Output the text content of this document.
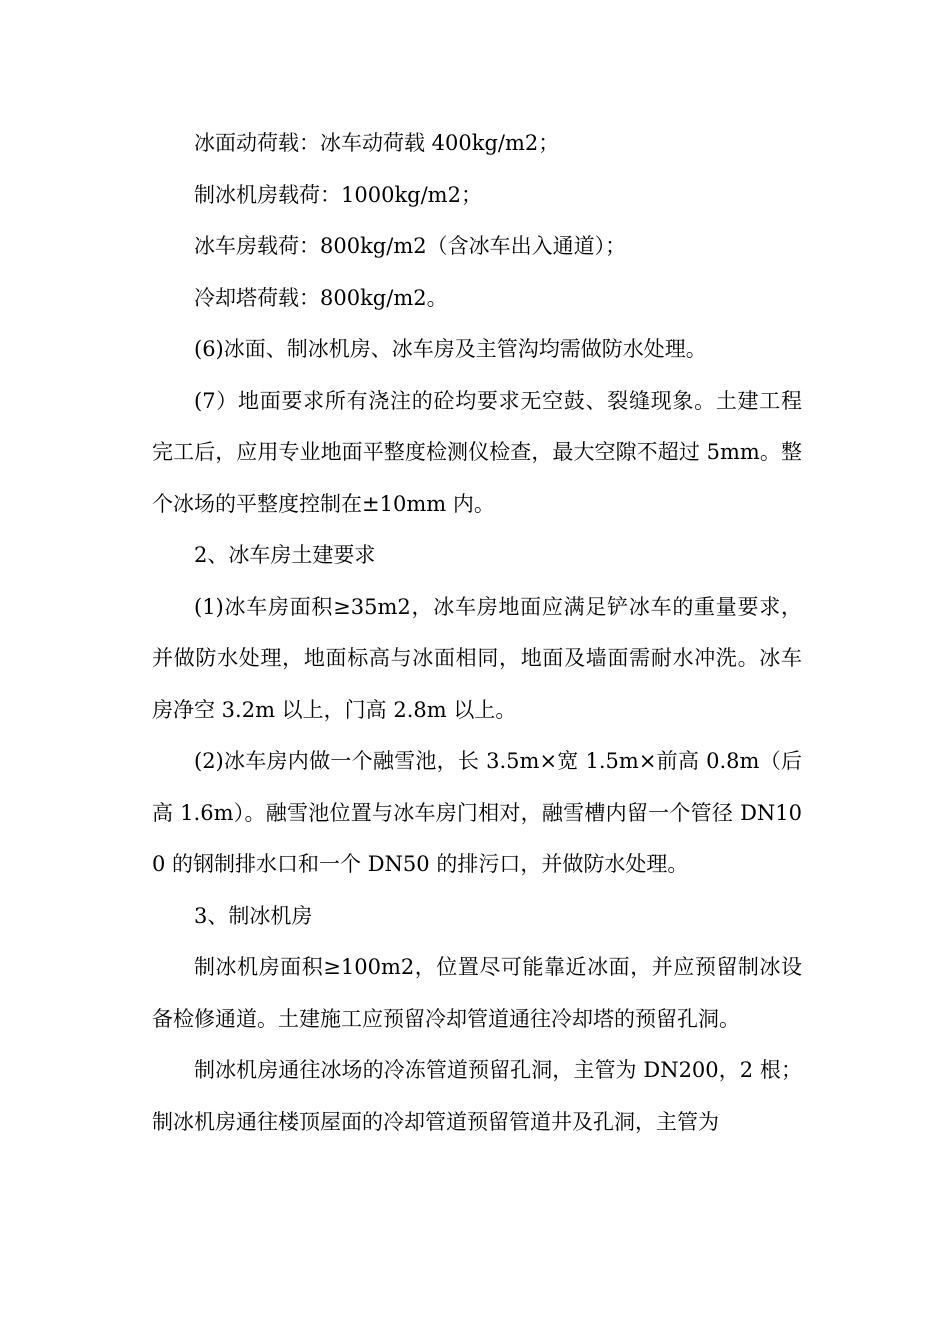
冰面动荷载：冰车动荷载 400kg/m2；

制冰机房载荷：1000kg/m2；

冰车房载荷：800kg/m2（含冰车出入通道）；

冷却塔荷载：800kg/m2。

(6)冰面、制冰机房、冰车房及主管沟均需做防水处理。

(7）地面要求所有浇注的砼均要求无空鼓、裂缝现象。土建工程完工后，应用专业地面平整度检测仪检查，最大空隙不超过 5mm。整个冰场的平整度控制在±10mm 内。

2、冰车房土建要求

(1)冰车房面积≥35m2，冰车房地面应满足铲冰车的重量要求，并做防水处理，地面标高与冰面相同，地面及墙面需耐水冲洗。冰车房净空 3.2m 以上，门高 2.8m 以上。

(2)冰车房内做一个融雪池，长 3.5m×宽 1.5m×前高 0.8m（后高 1.6m）。融雪池位置与冰车房门相对，融雪槽内留一个管径 DN100 的钢制排水口和一个 DN50 的排污口，并做防水处理。

3、制冰机房

制冰机房面积≥100m2，位置尽可能靠近冰面，并应预留制冰设备检修通道。土建施工应预留冷却管道通往冷却塔的预留孔洞。

制冰机房通往冰场的冷冻管道预留孔洞，主管为 DN200，2 根；制冰机房通往楼顶屋面的冷却管道预留管道井及孔洞，主管为
